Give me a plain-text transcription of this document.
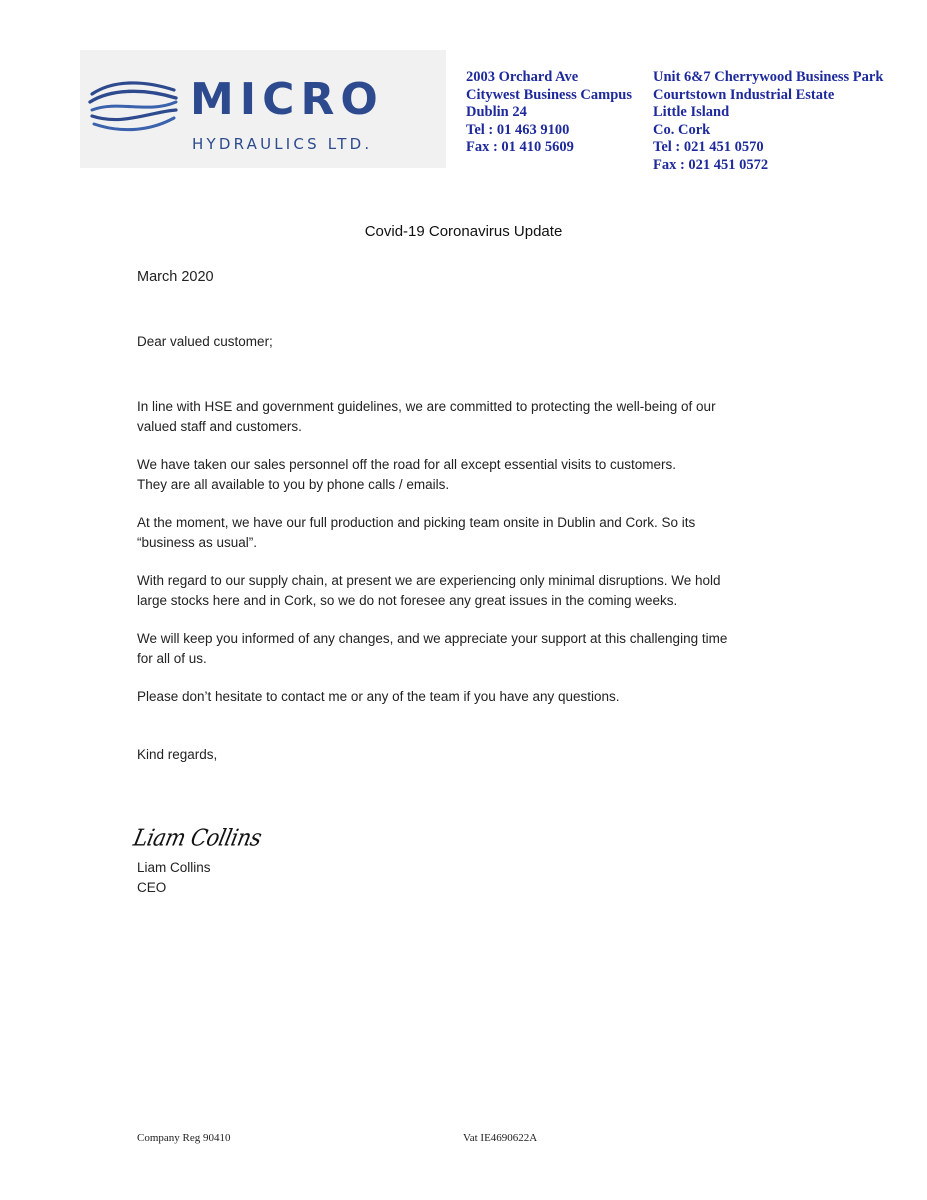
MICRO
HYDRAULICS LTD.
2003 Orchard Ave
Citywest Business Campus
Dublin 24
Tel : 01 463 9100
Fax : 01 410 5609
Unit 6&7 Cherrywood Business Park
Courtstown Industrial Estate
Little Island
Co. Cork
Tel : 021 451 0570
Fax : 021 451 0572
Covid-19 Coronavirus Update
March 2020
Dear valued customer;
In line with HSE and government guidelines, we are committed to protecting the well-being of our
valued staff and customers.
We have taken our sales personnel off the road for all except essential visits to customers.
They are all available to you by phone calls / emails.
At the moment, we have our full production and picking team onsite in Dublin and Cork. So its
“business as usual”.
With regard to our supply chain, at present we are experiencing only minimal disruptions. We hold
large stocks here and in Cork, so we do not foresee any great issues in the coming weeks.
We will keep you informed of any changes, and we appreciate your support at this challenging time
for all of us.
Please don’t hesitate to contact me or any of the team if you have any questions.
Kind regards,
Liam Collins
Liam Collins
CEO
Company Reg 90410	Vat IE4690622A
